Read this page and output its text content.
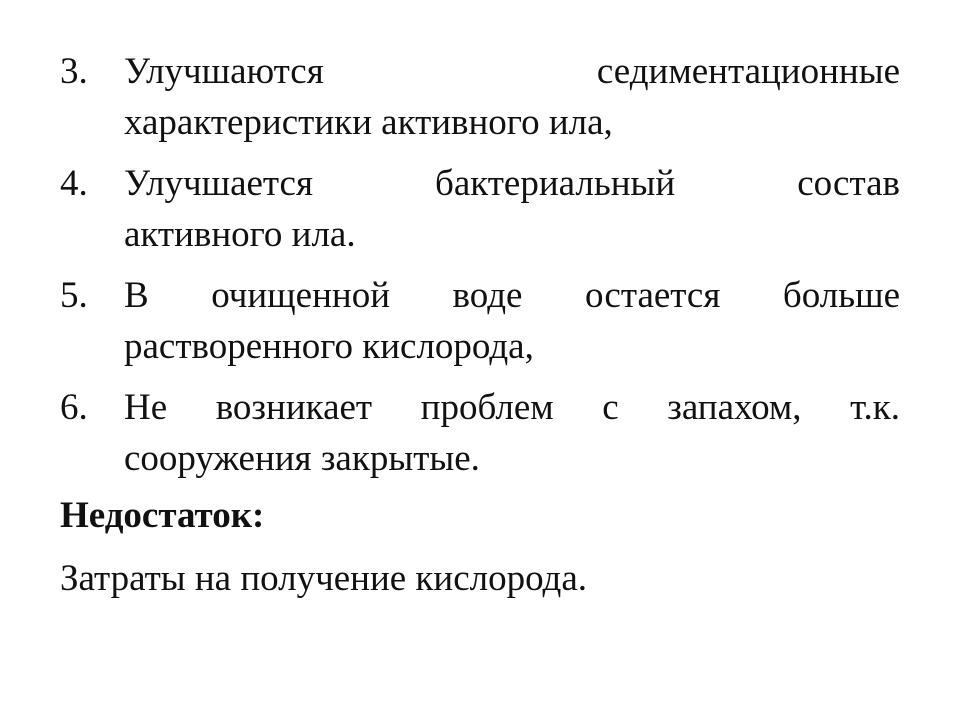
3. Улучшаются седиментационные
характеристики активного ила,
4. Улучшается бактериальный состав
активного ила.
5. В очищенной воде остается больше
растворенного кислорода,
6. Не возникает проблем с запахом, т.к.
сооружения закрытые.

Недостаток:

Затраты на получение кислорода.
